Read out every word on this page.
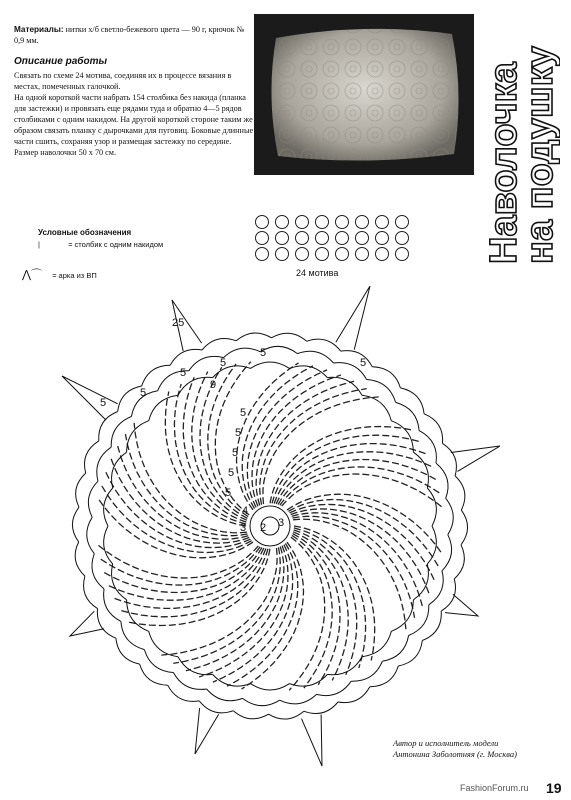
Материалы: нитки х/б светло-бежевого цвета — 90 г, крючок № 0,9 мм.
Описание работы

Связать по схеме 24 мотива, соединяя их в процессе вязания в местах, помеченных галочкой.

На одной короткой части набрать 154 столбика без накида (планка для застежки) и провязать еще рядами туда и обратно 4—5 рядов столбиками с одним накидом. На другой короткой стороне таким же образом связать планку с дырочками для пуговиц. Боковые длинные части сшить, сохраняя узор и размещая застежку по середине. Размер наволочки 50 х 70 см.	Наволочка
на подушку
Условные обозначения
|	= столбик с одним накидом
⋀⌒ = арка из ВП	24 мотива
25
5
5
5
5
5
9
5
5
5
5
5
5
4
3 2 3
Автор и исполнитель модели
Антонина Заболотняя (г. Москва)
FashionForum.ru 19
